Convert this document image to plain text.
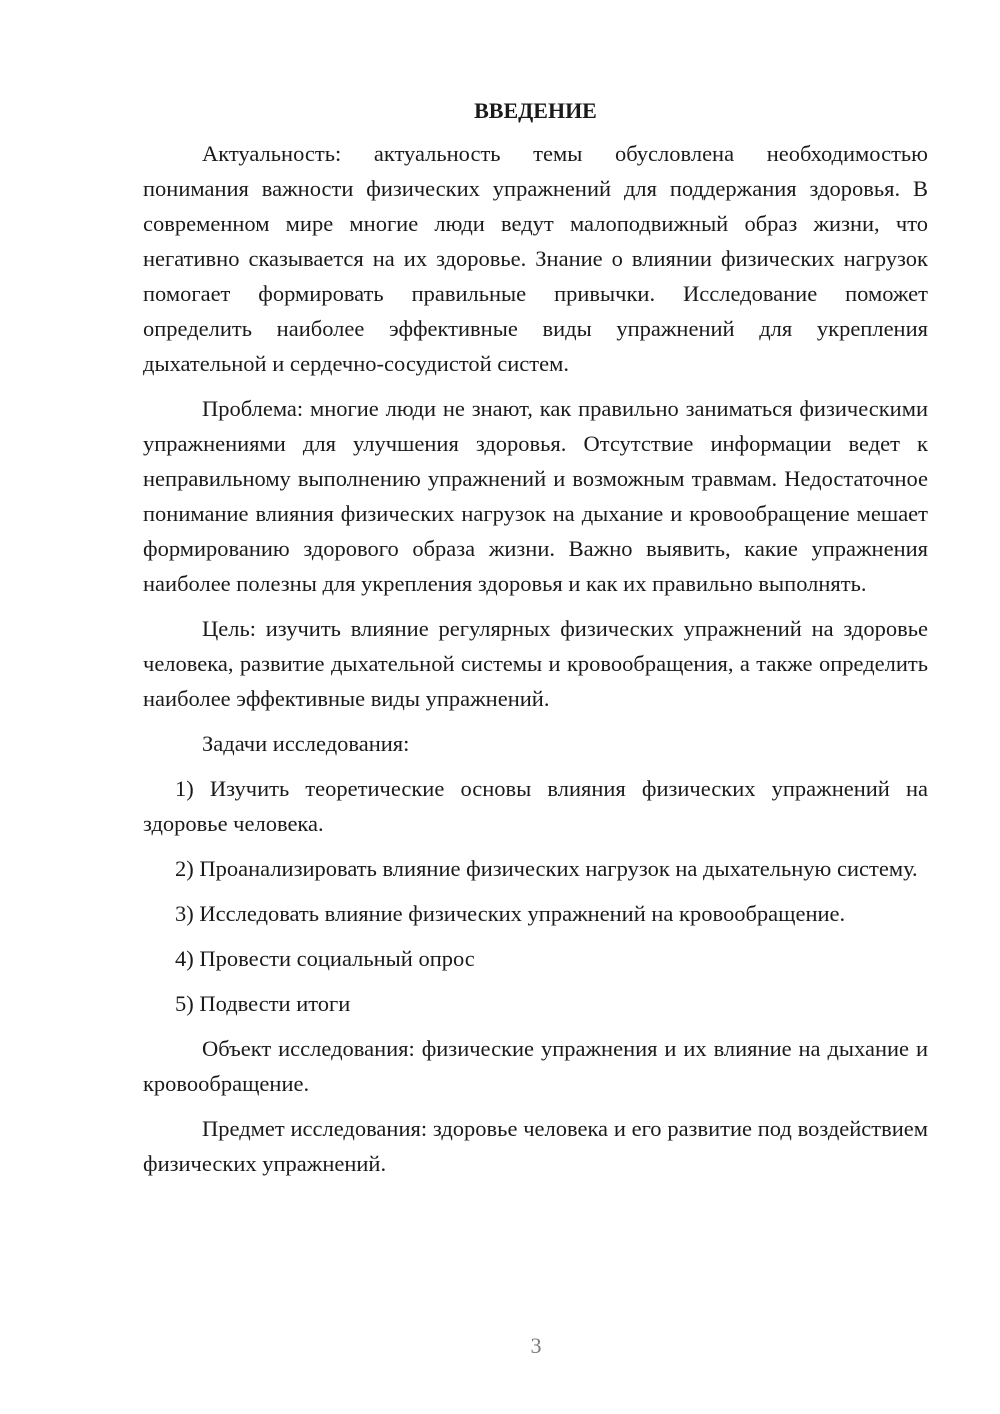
ВВЕДЕНИЕ

Актуальность: актуальность темы обусловлена необходимостью понимания важности физических упражнений для поддержания здоровья. В современном мире многие люди ведут малоподвижный образ жизни, что негативно сказывается на их здоровье. Знание о влиянии физических нагрузок помогает формировать правильные привычки. Исследование поможет определить наиболее эффективные виды упражнений для укрепления дыхательной и сердечно-сосудистой систем.

Проблема: многие люди не знают, как правильно заниматься физическими упражнениями для улучшения здоровья. Отсутствие информации ведет к неправильному выполнению упражнений и возможным травмам. Недостаточное понимание влияния физических нагрузок на дыхание и кровообращение мешает формированию здорового образа жизни. Важно выявить, какие упражнения наиболее полезны для укрепления здоровья и как их правильно выполнять.

Цель: изучить влияние регулярных физических упражнений на здоровье человека, развитие дыхательной системы и кровообращения, а также определить наиболее эффективные виды упражнений.

Задачи исследования:

1) Изучить теоретические основы влияния физических упражнений на здоровье человека.

2) Проанализировать влияние физических нагрузок на дыхательную систему.

3) Исследовать влияние физических упражнений на кровообращение.

4) Провести социальный опрос

5) Подвести итоги

Объект исследования: физические упражнения и их влияние на дыхание и кровообращение.

Предмет исследования: здоровье человека и его развитие под воздействием физических упражнений.

3
